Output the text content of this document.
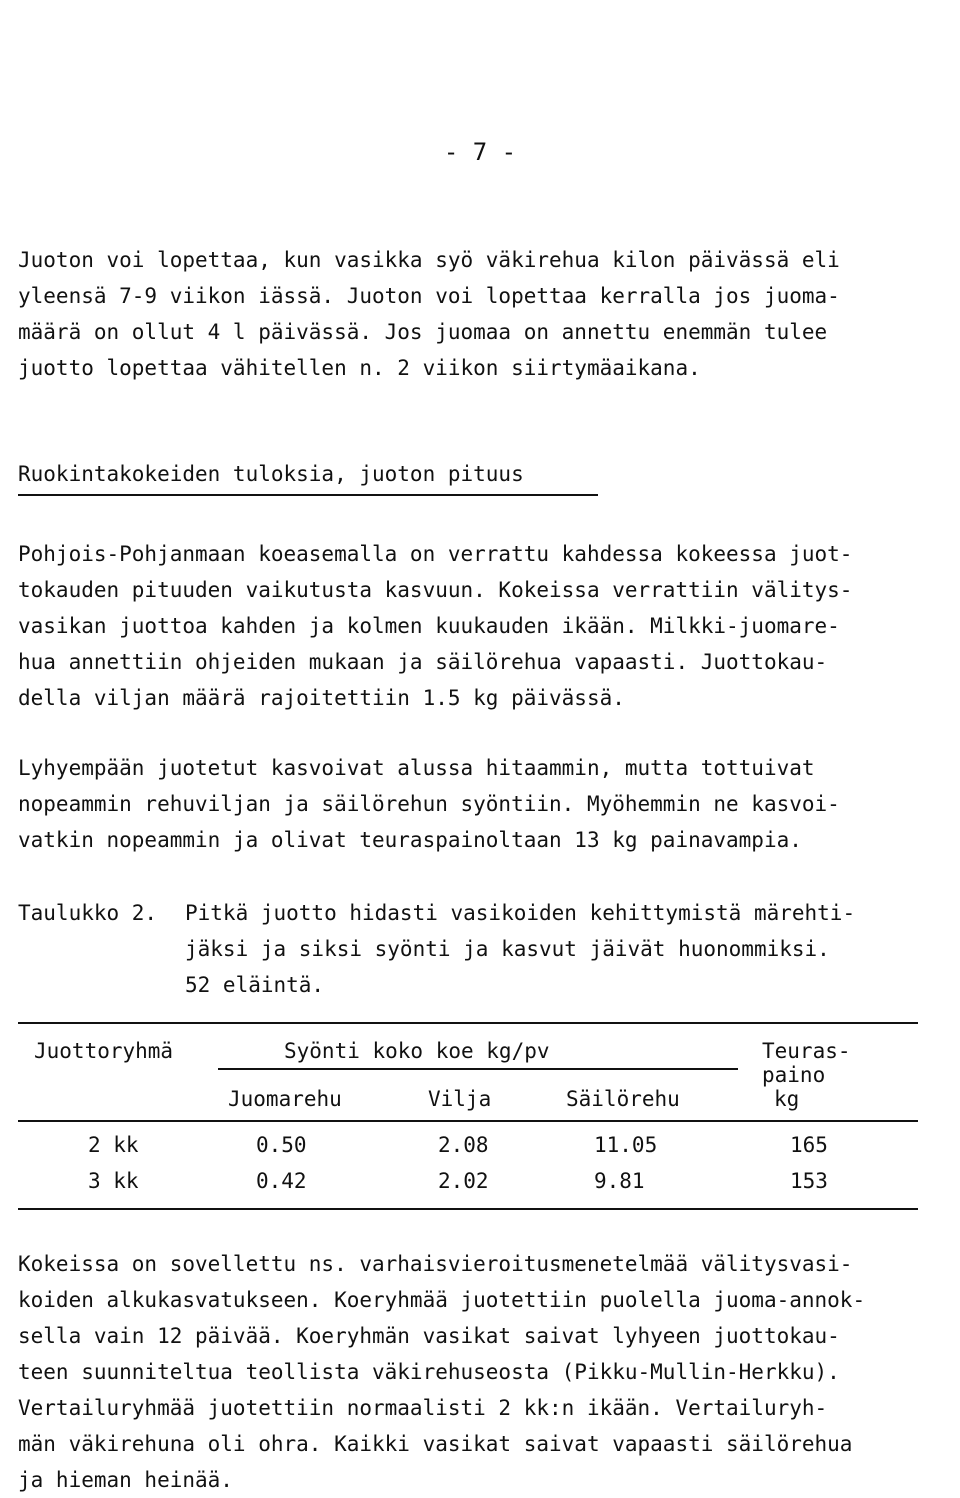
- 7 -
Juoton voi lopettaa, kun vasikka syö väkirehua kilon päivässä eli
yleensä 7-9 viikon iässä. Juoton voi lopettaa kerralla jos juoma-
määrä on ollut 4 l päivässä. Jos juomaa on annettu enemmän tulee
juotto lopettaa vähitellen n. 2 viikon siirtymäaikana.
Ruokintakokeiden tuloksia, juoton pituus
Pohjois-Pohjanmaan koeasemalla on verrattu kahdessa kokeessa juot-
tokauden pituuden vaikutusta kasvuun. Kokeissa verrattiin välitys-
vasikan juottoa kahden ja kolmen kuukauden ikään. Milkki-juomare-
hua annettiin ohjeiden mukaan ja säilörehua vapaasti. Juottokau-
della viljan määrä rajoitettiin 1.5 kg päivässä.
Lyhyempään juotetut kasvoivat alussa hitaammin, mutta tottuivat
nopeammin rehuviljan ja säilörehun syöntiin. Myöhemmin ne kasvoi-
vatkin nopeammin ja olivat teuraspainoltaan 13 kg painavampia.
Taulukko 2. Pitkä juotto hidasti vasikoiden kehittymistä märehti-
jäksi ja siksi syönti ja kasvut jäivät huonommiksi.
52 eläintä.
Juottoryhmä	Syönti koko koe kg/pv	Teuras-
paino
Juomarehu	Vilja	Säilörehu	kg
2 kk	0.50	2.08	11.05	165
3 kk	0.42	2.02	9.81	153
Kokeissa on sovellettu ns. varhaisvieroitusmenetelmää välitysvasi-
koiden alkukasvatukseen. Koeryhmää juotettiin puolella juoma-annok-
sella vain 12 päivää. Koeryhmän vasikat saivat lyhyeen juottokau-
teen suunniteltua teollista väkirehuseosta (Pikku-Mullin-Herkku).
Vertailuryhmää juotettiin normaalisti 2 kk:n ikään. Vertailuryh-
män väkirehuna oli ohra. Kaikki vasikat saivat vapaasti säilörehua
ja hieman heinää.
